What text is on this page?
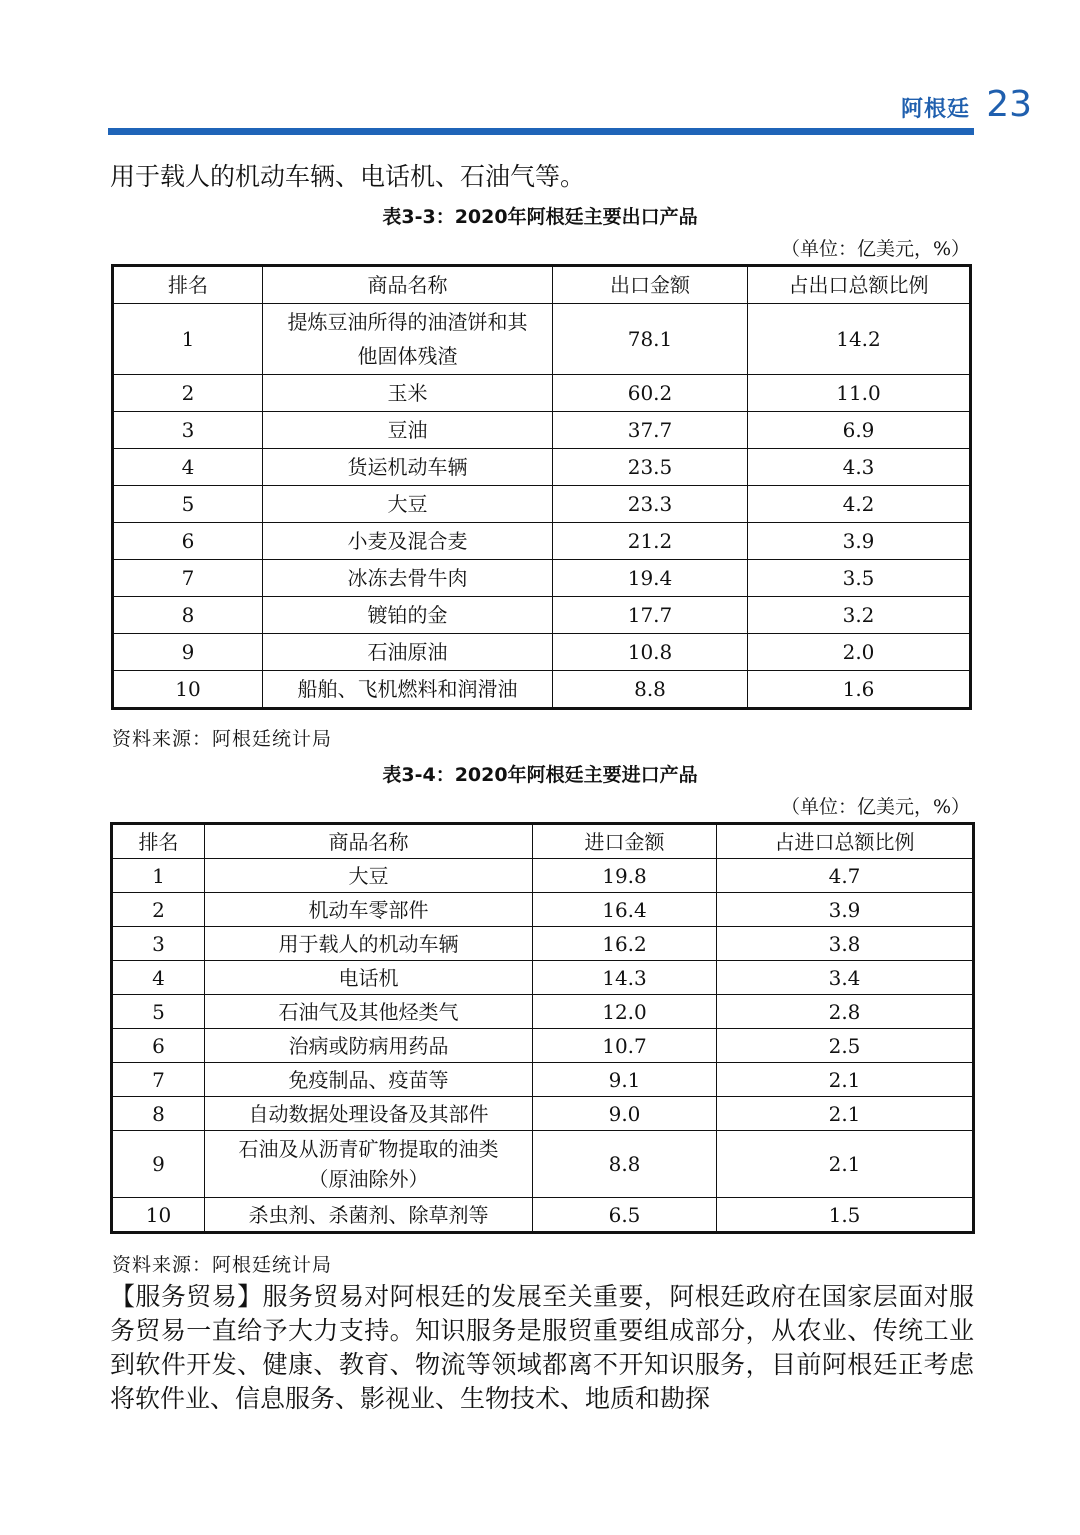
阿根廷 23
用于载人的机动车辆、电话机、石油气等。
表3-3：2020年阿根廷主要出口产品
（单位：亿美元，%）
排名	商品名称	出口金额	占出口总额比例
1	提炼豆油所得的油渣饼和其他固体残渣	78.1	14.2
2	玉米	60.2	11.0
3	豆油	37.7	6.9
4	货运机动车辆	23.5	4.3
5	大豆	23.3	4.2
6	小麦及混合麦	21.2	3.9
7	冰冻去骨牛肉	19.4	3.5
8	镀铂的金	17.7	3.2
9	石油原油	10.8	2.0
10	船舶、飞机燃料和润滑油	8.8	1.6
资料来源：阿根廷统计局
表3-4：2020年阿根廷主要进口产品
（单位：亿美元，%）
排名	商品名称	进口金额	占进口总额比例
1	大豆	19.8	4.7
2	机动车零部件	16.4	3.9
3	用于载人的机动车辆	16.2	3.8
4	电话机	14.3	3.4
5	石油气及其他烃类气	12.0	2.8
6	治病或防病用药品	10.7	2.5
7	免疫制品、疫苗等	9.1	2.1
8	自动数据处理设备及其部件	9.0	2.1
9	石油及从沥青矿物提取的油类（原油除外）	8.8	2.1
10	杀虫剂、杀菌剂、除草剂等	6.5	1.5
资料来源：阿根廷统计局
【服务贸易】服务贸易对阿根廷的发展至关重要，阿根廷政府在国家层面对服务贸易一直给予大力支持。知识服务是服贸重要组成部分，从农业、传统工业到软件开发、健康、教育、物流等领域都离不开知识服务，目前阿根廷正考虑将软件业、信息服务、影视业、生物技术、地质和勘探
